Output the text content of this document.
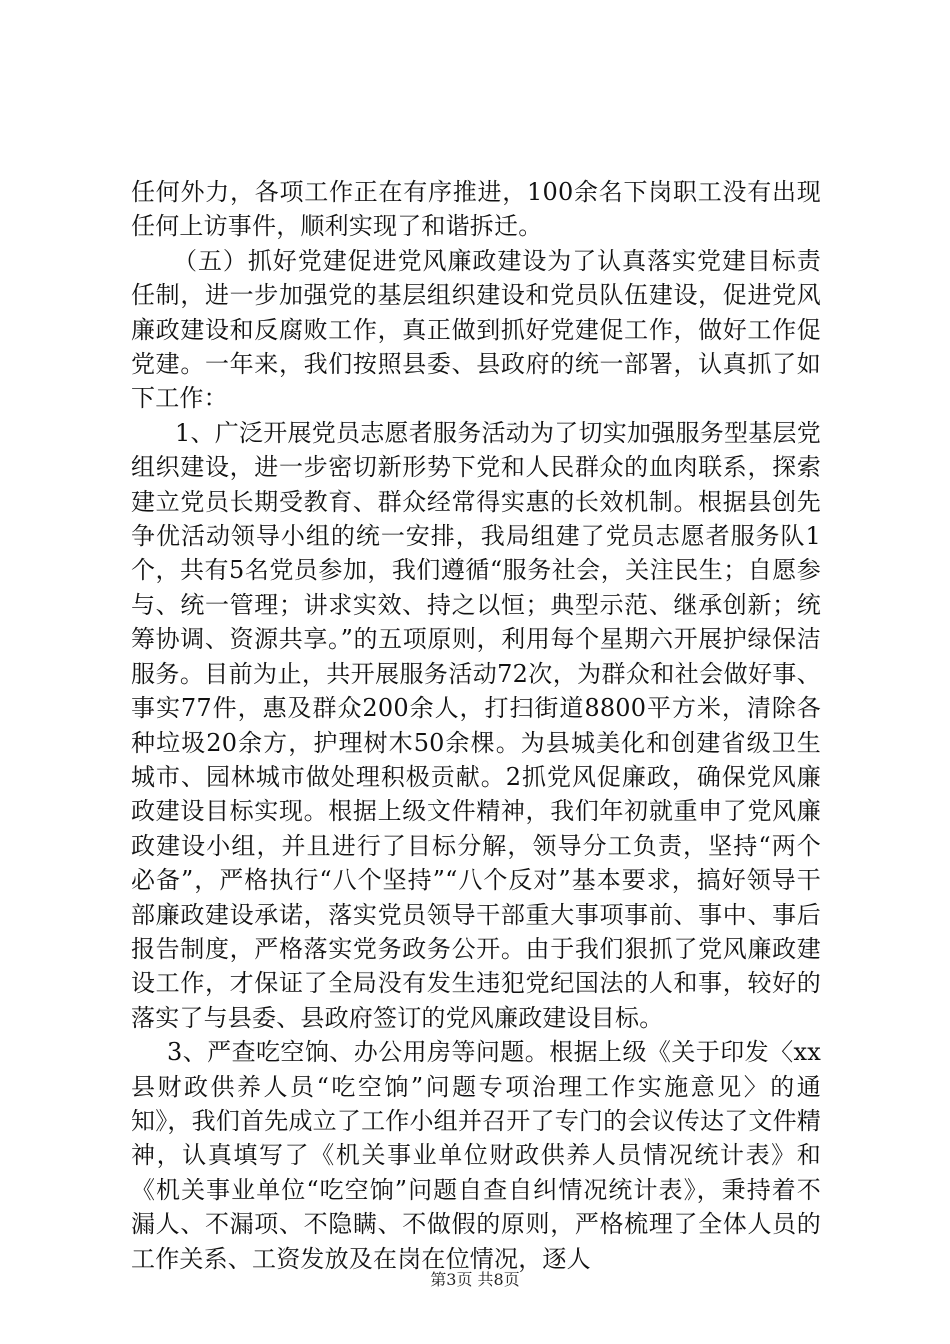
任何外力，各项工作正在有序推进，100余名下岗职工没有出现任何上访事件，顺利实现了和谐拆迁。

（五）抓好党建促进党风廉政建设为了认真落实党建目标责任制，进一步加强党的基层组织建设和党员队伍建设，促进党风廉政建设和反腐败工作，真正做到抓好党建促工作，做好工作促党建。一年来，我们按照县委、县政府的统一部署，认真抓了如下工作：

1、广泛开展党员志愿者服务活动为了切实加强服务型基层党组织建设，进一步密切新形势下党和人民群众的血肉联系，探索建立党员长期受教育、群众经常得实惠的长效机制。根据县创先争优活动领导小组的统一安排，我局组建了党员志愿者服务队1个，共有5名党员参加，我们遵循“服务社会，关注民生；自愿参与、统一管理；讲求实效、持之以恒；典型示范、继承创新；统筹协调、资源共享。”的五项原则，利用每个星期六开展护绿保洁服务。目前为止，共开展服务活动72次，为群众和社会做好事、事实77件，惠及群众200余人，打扫街道8800平方米，清除各种垃圾20余方，护理树木50余棵。为县城美化和创建省级卫生城市、园林城市做处理积极贡献。2抓党风促廉政，确保党风廉政建设目标实现。根据上级文件精神，我们年初就重申了党风廉政建设小组，并且进行了目标分解，领导分工负责，坚持“两个必备”，严格执行“八个坚持”“八个反对”基本要求，搞好领导干部廉政建设承诺，落实党员领导干部重大事项事前、事中、事后报告制度，严格落实党务政务公开。由于我们狠抓了党风廉政建设工作，才保证了全局没有发生违犯党纪国法的人和事，较好的落实了与县委、县政府签订的党风廉政建设目标。

3、严查吃空饷、办公用房等问题。根据上级《关于印发〈xx县财政供养人员“吃空饷”问题专项治理工作实施意见〉的通知》，我们首先成立了工作小组并召开了专门的会议传达了文件精神，认真填写了《机关事业单位财政供养人员情况统计表》和《机关事业单位“吃空饷”问题自查自纠情况统计表》，秉持着不漏人、不漏项、不隐瞒、不做假的原则，严格梳理了全体人员的工作关系、工资发放及在岗在位情况，逐人

第3页 共8页
